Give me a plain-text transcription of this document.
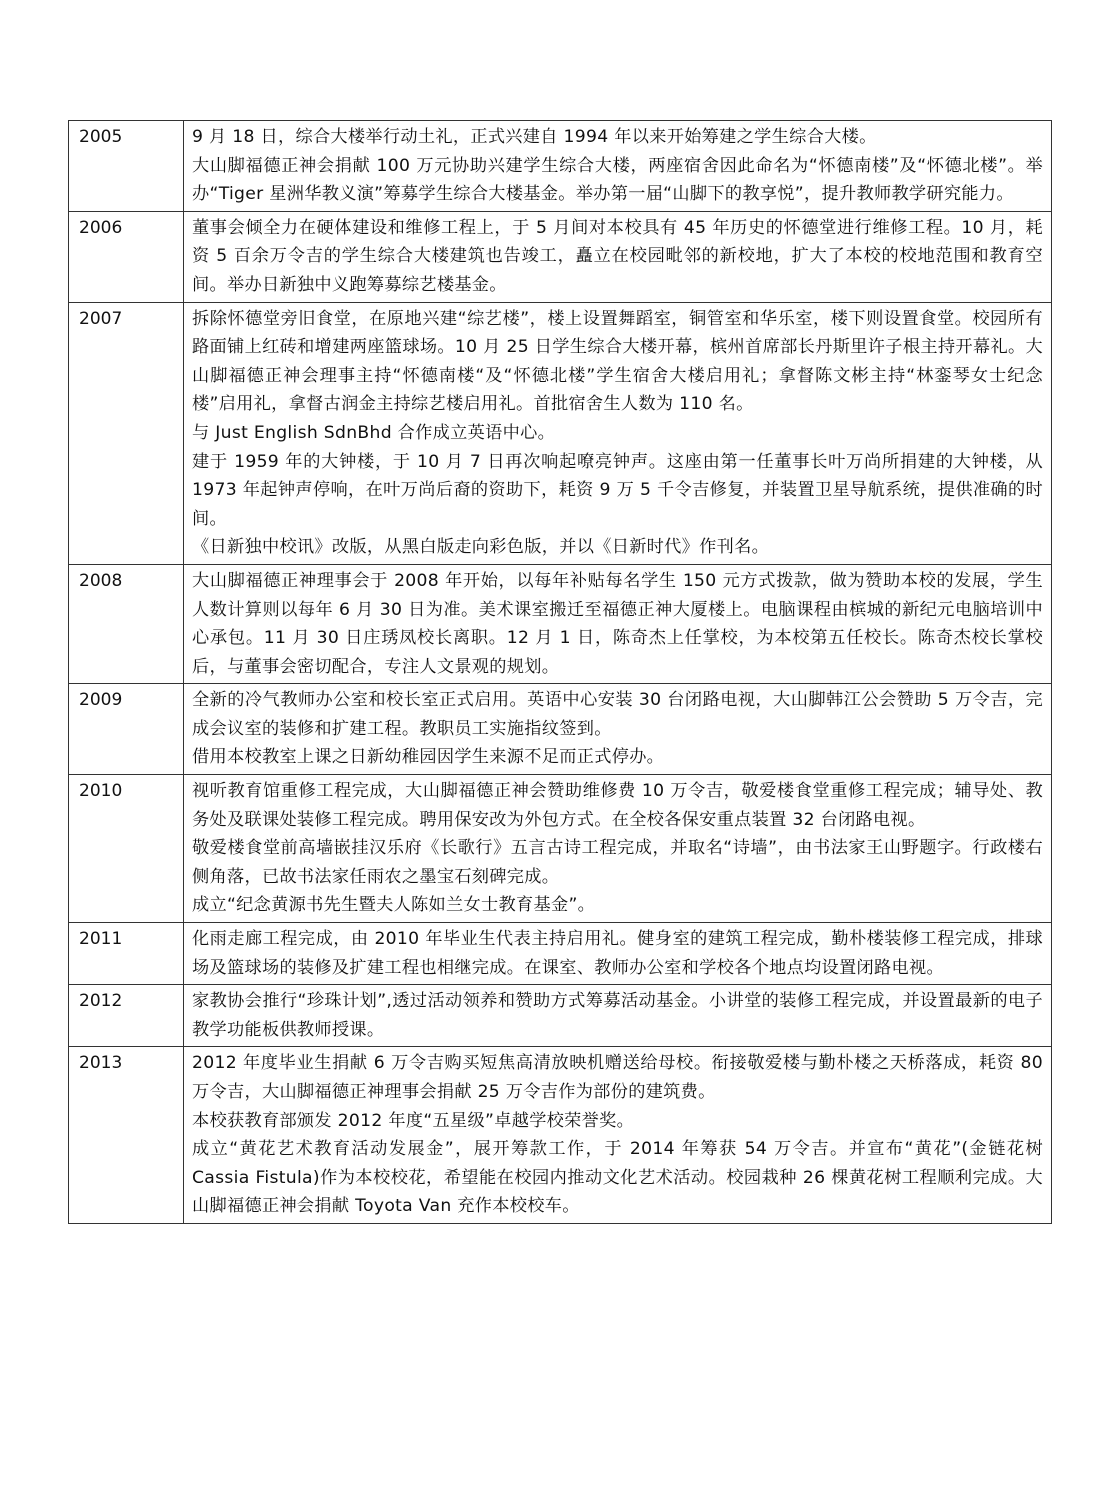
2005	9 月 18 日，综合大楼举行动土礼，正式兴建自 1994 年以来开始筹建之学生综合大楼。
大山脚福德正神会捐献 100 万元协助兴建学生综合大楼，两座宿舍因此命名为“怀德南楼”及“怀德北楼”。举办“Tiger 星洲华教义演”筹募学生综合大楼基金。举办第一届“山脚下的教享悦”，提升教师教学研究能力。

2006	董事会倾全力在硬体建设和维修工程上，于 5 月间对本校具有 45 年历史的怀德堂进行维修工程。10 月，耗资 5 百余万令吉的学生综合大楼建筑也告竣工，矗立在校园毗邻的新校地，扩大了本校的校地范围和教育空间。举办日新独中义跑筹募综艺楼基金。

2007	拆除怀德堂旁旧食堂，在原地兴建“综艺楼”，楼上设置舞蹈室，铜管室和华乐室，楼下则设置食堂。校园所有路面铺上红砖和增建两座篮球场。10 月 25 日学生综合大楼开幕，槟州首席部长丹斯里许子根主持开幕礼。大山脚福德正神会理事主持“怀德南楼“及“怀德北楼”学生宿舍大楼启用礼；拿督陈文彬主持“林銮琴女士纪念楼”启用礼，拿督古润金主持综艺楼启用礼。首批宿舍生人数为 110 名。
与 Just English SdnBhd 合作成立英语中心。
建于 1959 年的大钟楼，于 10 月 7 日再次响起嘹亮钟声。这座由第一任董事长叶万尚所捐建的大钟楼，从 1973 年起钟声停响，在叶万尚后裔的资助下，耗资 9 万 5 千令吉修复，并装置卫星导航系统，提供准确的时间。
《日新独中校讯》改版，从黑白版走向彩色版，并以《日新时代》作刊名。

2008	大山脚福德正神理事会于 2008 年开始，以每年补贴每名学生 150 元方式拨款，做为赞助本校的发展，学生人数计算则以每年 6 月 30 日为准。美术课室搬迁至福德正神大厦楼上。电脑课程由槟城的新纪元电脑培训中心承包。11 月 30 日庄琇凤校长离职。12 月 1 日，陈奇杰上任掌校，为本校第五任校长。陈奇杰校长掌校后，与董事会密切配合，专注人文景观的规划。

2009	全新的冷气教师办公室和校长室正式启用。英语中心安装 30 台闭路电视，大山脚韩江公会赞助 5 万令吉，完成会议室的装修和扩建工程。教职员工实施指纹签到。
借用本校教室上课之日新幼稚园因学生来源不足而正式停办。

2010	视听教育馆重修工程完成，大山脚福德正神会赞助维修费 10 万令吉，敬爱楼食堂重修工程完成；辅导处、教务处及联课处装修工程完成。聘用保安改为外包方式。在全校各保安重点装置 32 台闭路电视。
敬爱楼食堂前高墙嵌挂汉乐府《长歌行》五言古诗工程完成，并取名“诗墙”，由书法家王山野题字。行政楼右侧角落，已故书法家任雨农之墨宝石刻碑完成。
成立“纪念黄源书先生暨夫人陈如兰女士教育基金”。

2011	化雨走廊工程完成，由 2010 年毕业生代表主持启用礼。健身室的建筑工程完成，勤朴楼装修工程完成，排球场及篮球场的装修及扩建工程也相继完成。在课室、教师办公室和学校各个地点均设置闭路电视。

2012	家教协会推行“珍珠计划”,透过活动领养和赞助方式筹募活动基金。小讲堂的装修工程完成，并设置最新的电子教学功能板供教师授课。

2013	2012 年度毕业生捐献 6 万令吉购买短焦高清放映机赠送给母校。衔接敬爱楼与勤朴楼之天桥落成，耗资 80 万令吉，大山脚福德正神理事会捐献 25 万令吉作为部份的建筑费。
本校获教育部颁发 2012 年度“五星级”卓越学校荣誉奖。
成立“黄花艺术教育活动发展金”，展开筹款工作，于 2014 年筹获 54 万令吉。并宣布“黄花”(金链花树 Cassia Fistula)作为本校校花，希望能在校园内推动文化艺术活动。校园栽种 26 棵黄花树工程顺利完成。大山脚福德正神会捐献 Toyota Van 充作本校校车。
